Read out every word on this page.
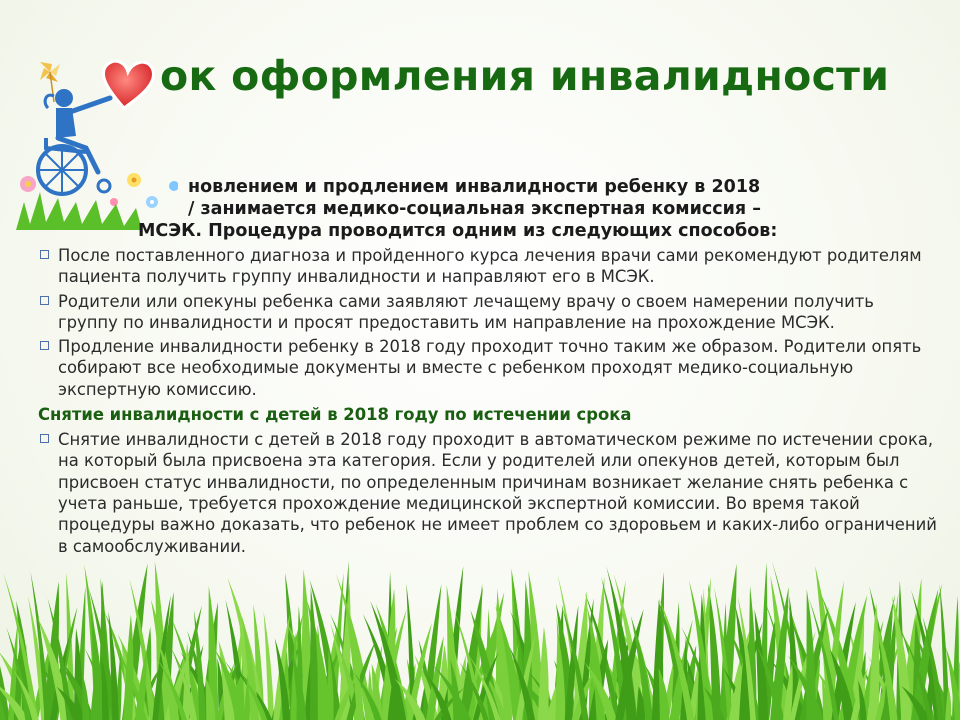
ок оформления инвалидности
новлением и продлением инвалидности ребенку в 2018
/ занимается медико-социальная экспертная комиссия –
МСЭК. Процедура проводится одним из следующих способов:
После поставленного диагноза и пройденного курса лечения врачи сами рекомендуют родителям пациента получить группу инвалидности и направляют его в МСЭК.
Родители или опекуны ребенка сами заявляют лечащему врачу о своем намерении получить группу по инвалидности и просят предоставить им направление на прохождение МСЭК.
Продление инвалидности ребенку в 2018 году проходит точно таким же образом. Родители опять собирают все необходимые документы и вместе с ребенком проходят медико-социальную экспертную комиссию.
Снятие инвалидности с детей в 2018 году по истечении срока
Снятие инвалидности с детей в 2018 году проходит в автоматическом режиме по истечении срока, на который была присвоена эта категория. Если у родителей или опекунов детей, которым был присвоен статус инвалидности, по определенным причинам возникает желание снять ребенка с учета раньше, требуется прохождение медицинской экспертной комиссии. Во время такой процедуры важно доказать, что ребенок не имеет проблем со здоровьем и каких-либо ограничений в самообслуживании.
